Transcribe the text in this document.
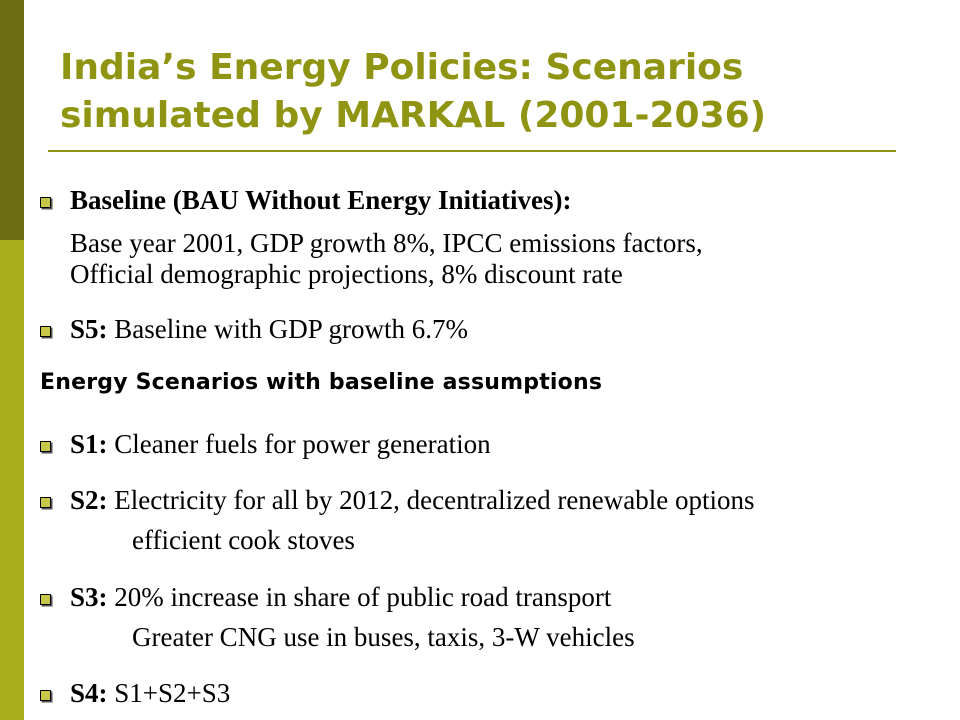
India’s Energy Policies: Scenarios
simulated by MARKAL (2001-2036)
Baseline (BAU Without Energy Initiatives):
Base year 2001, GDP growth 8%, IPCC emissions factors,
Official demographic projections, 8% discount rate
S5: Baseline with GDP growth 6.7%
Energy Scenarios with baseline assumptions
S1: Cleaner fuels for power generation
S2: Electricity for all by 2012, decentralized renewable options
efficient cook stoves
S3: 20% increase in share of public road transport
Greater CNG use in buses, taxis, 3-W vehicles
S4: S1+S2+S3
